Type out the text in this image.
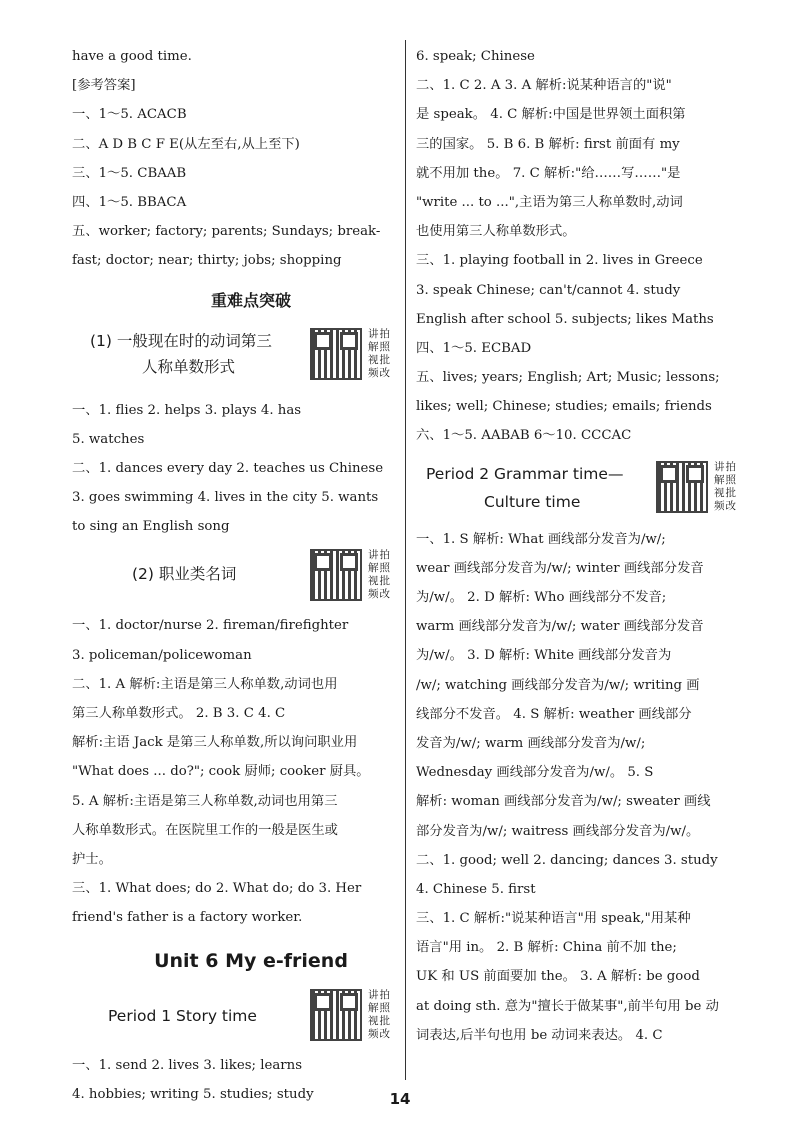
have a good time.
[参考答案]
一、1～5. ACACB
二、A D B C F E(从左至右,从上至下)
三、1～5. CBAAB
四、1～5. BBACA
五、worker; factory; parents; Sundays; break-
fast; doctor; near; thirty; jobs; shopping
重难点突破
(1) 一般现在时的动词第三
人称单数形式
讲拍 解照 视批 频改
一、1. flies 2. helps 3. plays 4. has
5. watches
二、1. dances every day 2. teaches us Chinese
3. goes swimming 4. lives in the city 5. wants
to sing an English song
(2) 职业类名词
讲拍 解照 视批 频改
一、1. doctor/nurse 2. fireman/firefighter
3. policeman/policewoman
二、1. A 解析:主语是第三人称单数,动词也用
第三人称单数形式。 2. B 3. C 4. C
解析:主语 Jack 是第三人称单数,所以询问职业用
"What does ... do?"; cook 厨师; cooker 厨具。
5. A 解析:主语是第三人称单数,动词也用第三
人称单数形式。在医院里工作的一般是医生或
护士。
三、1. What does; do 2. What do; do 3. Her
friend's father is a factory worker.
Unit 6 My e-friend
Period 1 Story time
讲拍 解照 视批 频改
一、1. send 2. lives 3. likes; learns
4. hobbies; writing 5. studies; study
6. speak; Chinese
二、1. C 2. A 3. A 解析:说某种语言的"说"
是 speak。 4. C 解析:中国是世界领土面积第
三的国家。 5. B 6. B 解析: first 前面有 my
就不用加 the。 7. C 解析:"给……写……"是
"write ... to ...",主语为第三人称单数时,动词
也使用第三人称单数形式。
三、1. playing football in 2. lives in Greece
3. speak Chinese; can't/cannot 4. study
English after school 5. subjects; likes Maths
四、1～5. ECBAD
五、lives; years; English; Art; Music; lessons;
likes; well; Chinese; studies; emails; friends
六、1～5. AABAB 6～10. CCCAC
Period 2 Grammar time—
Culture time
讲拍 解照 视批 频改
一、1. S 解析: What 画线部分发音为/w/;
wear 画线部分发音为/w/; winter 画线部分发音
为/w/。 2. D 解析: Who 画线部分不发音;
warm 画线部分发音为/w/; water 画线部分发音
为/w/。 3. D 解析: White 画线部分发音为
/w/; watching 画线部分发音为/w/; writing 画
线部分不发音。 4. S 解析: weather 画线部分
发音为/w/; warm 画线部分发音为/w/;
Wednesday 画线部分发音为/w/。 5. S
解析: woman 画线部分发音为/w/; sweater 画线
部分发音为/w/; waitress 画线部分发音为/w/。
二、1. good; well 2. dancing; dances 3. study
4. Chinese 5. first
三、1. C 解析:"说某种语言"用 speak,"用某种
语言"用 in。 2. B 解析: China 前不加 the;
UK 和 US 前面要加 the。 3. A 解析: be good
at doing sth. 意为"擅长于做某事",前半句用 be 动
词表达,后半句也用 be 动词来表达。 4. C
14
